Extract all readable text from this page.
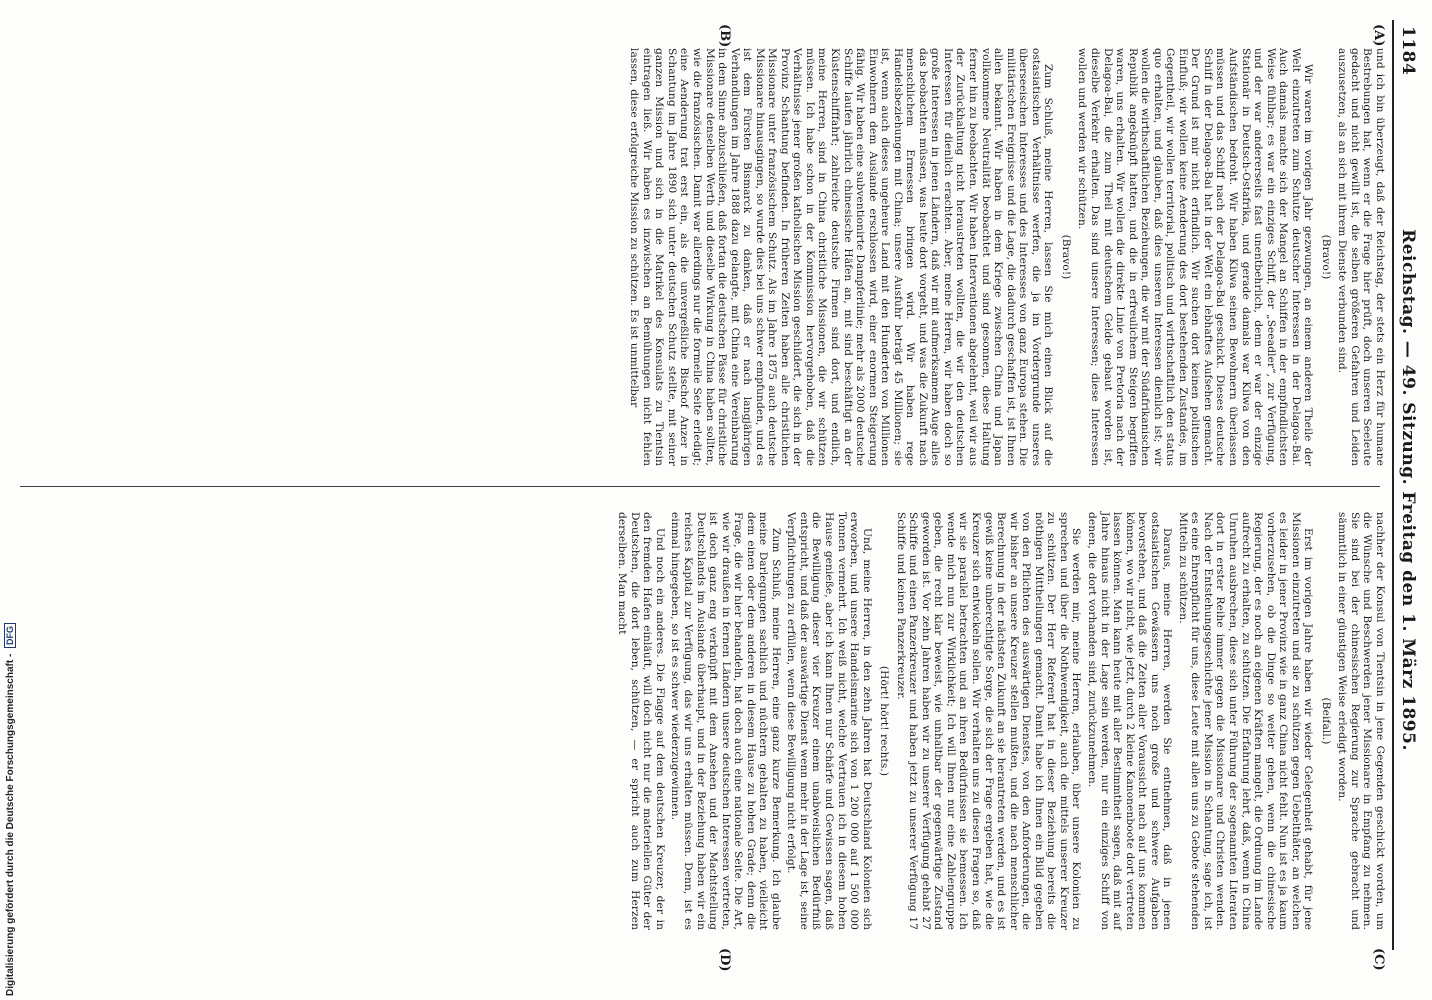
1184
Reichstag. — 49. Sitzung. Freitag den 1. März 1895.
(A)
(B)
(C)
(D)

und ich bin überzeugt, daß der Reichstag, der stets ein Herz für humane Bestrebungen hat, wenn er die Frage hier prüft, doch unseren Seeleute gedacht und nicht gewillt ist, die selben größeren Gefahren und Leiden auszusetzen, als an sich mit ihrem Dienste verbunden sind.

(Bravo!)

Wir waren im vorigen Jahr gezwungen, an einem anderen Theile der Welt einzutreten zum Schutze deutscher Interessen in der Delagoa-Bai. Auch damals machte sich der Mangel an Schiffen in der empfindlichsten Weise fühlbar; es war ein einziges Schiff, der „Seeadler“, zur Verfügung, und der war andererseits fast unentbehrlich, denn er war der einzige Stationär in Deutsch-Ostafrika, und gerade damals war Kilwa von den Aufständischen bedroht. Wir haben Kilwa seinen Bewohnern überlassen müssen und das Schiff nach der Delagoa-Bai geschickt. Dieses deutsche Schiff in der Delagoa-Bai hat in der Welt ein lebhaftes Aufsehen gemacht. Der Grund ist mir nicht erfindlich. Wir suchen dort keinen politischen Einfluß; wir wollen keine Aenderung des dort bestehenden Zustandes, im Gegentheil, wir wollen territorial, politisch und wirthschaftlich den status quo erhalten, und glauben, daß dies unseren Interessen dienlich ist; wir wollen die wirthschaftlichen Beziehungen, die wir mit der Südafrikanischen Republik angeknüpft hatten, und die in erfreulichem Steigen begriffen waren, uns erhalten. Wir wollen die direkte Linie von Pretoria nach der Delagoa-Bai, die zum Theil mit deutschem Gelde gebaut worden ist, dieselbe Verkehr erhalten. Das sind unsere Interessen; diese Interessen wollen und werden wir schützen.

(Bravo!)

Zum Schluß, meine Herren, lassen Sie mich einen Blick auf die ostasiatischen Verhältnisse werfen, die ja im Vordergrunde unseres überseeischen Interesses und des Interesses von ganz Europa stehen. Die militärischen Ereignisse und die Lage, die dadurch geschaffen ist, ist Ihnen allen bekannt. Wir haben in dem Kriege zwischen China und Japan vollkommene Neutralität beobachtet und sind gesonnen, diese Haltung ferner hin zu beobachten. Wir haben Interventionen abgelehnt, weil wir aus der Zurückhaltung nicht heraustreten wollten, die wir den deutschen Interessen für dienlich erachten. Aber, meine Herren, wir haben doch so große Interessen in jenen Ländern, daß wir mit aufmerksamem Auge alles das beobachten müssen, was heute dort vorgeht, und was die Zukunft nach menschlichem Ermessen bringen wird. Wir haben rege Handelsbeziehungen mit China; unsere Ausfuhr beträgt 45 Millionen; sie ist, wenn auch dieses ungeheure Land mit den Hunderten von Millionen Einwohnern dem Auslande erschlossen wird, einer enormen Steigerung fähig. Wir haben eine subventionirte Dampferlinie; mehr als 2000 deutsche Schiffe laufen jährlich chinesische Häfen an, mit sind beschäftigt an der Küstenschifffahrt; zahlreiche deutsche Firmen sind dort, und endlich, meine Herren, sind in China christliche Missionen, die wir schützen müssen. Ich habe schon in der Kommission hervorgehoben, daß die Verhältnisse jener großen katholischen Mission geschildert, die sich in der Provinz Schantung befinden. In früheren Zeiten haben alle christlichen Missionare unter französischem Schutz. Als im Jahre 1875 auch deutsche Missionare hinausgingen, so wurde dies bei uns schwer empfunden, und es ist dem Fürsten Bismarck zu danken, daß er nach langjährigen Verhandlungen im Jahre 1888 dazu gelangte, mit China eine Vereinbarung in dem Sinne abzuschließen, daß fortan die deutschen Pässe für christliche Missionare denselben Werth und dieselbe Wirkung in China haben sollten, wie die französischen. Damit war allerdings nur die formelle Seite erledigt; eine Aenderung trat erst ein, als die unvergeßliche Bischof Anzer in Schantung im Jahre 1890 sich unter deutschen Schutz stellte, mit seiner ganzen Mission und sich in die Matrikel des Konsulats zu Tientsin eintragen ließ. Wir haben es inzwischen an Bemühungen nicht fehlen lassen, diese erfolgreiche Mission zu schützen. Es ist unmittelbar

nachher der Konsul von Tientsin in jene Gegenden geschickt worden, um die Wünsche und Beschwerden jener Missionare in Empfang zu nehmen. Sie sind bei der chinesischen Regierung zur Sprache gebracht und sämmtlich in einer günstigen Weise erledigt worden.

(Beifall.)

Erst im vorigen Jahre haben wir wieder Gelegenheit gehabt, für jene Missionen einzutreten und sie zu schützen gegen Uebelthäter, an welchen es leider in jener Provinz wie in ganz China nicht fehlt. Nun ist es ja kaum vorherzusehen, ob die Dinge so weiter gehen, wenn die chinesische Regierung, der es noch an eigenen Kräften mangelt, die Ordnung im Lande aufrecht zu erhalten, zu schützen. Die Erfahrung lehrt, daß, wenn in China Unruhen ausbrechen, diese sich unter Führung der sogenannten Literaten dort in erster Reihe immer gegen die Missionare und Christen wenden. Nach der Entstehungsgeschichte jener Mission in Schantung, sage ich, ist es eine Ehrenpflicht für uns, diese Leute mit allen uns zu Gebote stehenden Mitteln zu schützen.

Daraus, meine Herren, werden Sie entnehmen, daß in jenen ostasiatischen Gewässern uns noch große und schwere Aufgaben bevorstehen, und daß die Zeiten aller Voraussicht nach auf uns kommen können, wo wir nicht, wie jetzt, durch 2 kleine Kanonenboote dort vertreten lassen können. Man kann heute mit aller Bestimmtheit sagen, daß mit auf Jahre hinaus nicht in der Lage sein werden, nur ein einziges Schiff von denen, die dort vorhanden sind, zurückzunehmen.

Sie werden mir, meine Herren, erlauben, über unsere Kolonien zu sprechen und über die Nothwendigkeit, auch die mittels unserer Kreuzer zu schützen. Der Herr Referent hat in dieser Beziehung bereits die nöthigen Mittheilungen gemacht. Damit habe ich Ihnen ein Bild gegeben von den Pflichten des auswärtigen Dienstes, von den Anforderungen, die wir bisher an unsere Kreuzer stellen mußten, und die nach menschlicher Berechnung in der nächsten Zukunft an sie herantreten werden, und es ist gewiß keine unberechtigte Sorge, die sich der Frage ergeben hat, wie die Kreuzer sich entwickeln sollen. Wir verhalten uns zu diesen Fragen so, daß wir sie parallel betrachten und an ihren Bedürfnissen sie bemessen. Ich wende mich nun zur Wirklichkeit; Ich will Ihnen nur eine Zahlengruppe geben, die recht klar beweist, wie unhaltbar der gegenwärtige Zustand geworden ist. Vor zehn Jahren haben wir zu unserer Verfügung gehabt 27 Schiffe und einen Panzerkreuzer und haben jetzt zu unserer Verfügung 17 Schiffe und keinen Panzerkreuzer.

(Hört! hört! rechts.)

Und, meine Herren, in den zehn Jahren hat Deutschland Kolonien sich erworben, und unsere Handelsmarine sich von 1 200 000 auf 1 500 000 Tonnen vermehrt. Ich weiß nicht, welche Vertrauen ich in diesem hohen Hause genieße, aber ich kann Ihnen nur Schärfe und Gewissen sagen, daß die Bewilligung dieser vier Kreuzer einem unabweislichen Bedürfniß entspricht, und daß der auswärtige Dienst wenn mehr in der Lage ist, seine Verpflichtungen zu erfüllen, wenn diese Bewilligung nicht erfolgt.

Zum Schluß, meine Herren, eine ganz kurze Bemerkung. Ich glaube meine Darlegungen sachlich und nüchtern gehalten zu haben, vielleicht dem einen oder dem anderen in diesem Hause zu hohen Grade; denn die Frage, die wir hier behandeln, hat doch auch eine nationale Seite. Die Art, wie wir draußen in fernen Ländern unsere deutschen Interessen vertreten, ist doch ganz eng verknüpft mit dem Ansehen und der Machtstellung Deutschlands im Auslande überhaupt, und in der Beziehung haben wir ein reiches Kapital zur Verfügung, das wir uns erhalten müssen. Denn, ist es einmal hingegeben, so ist es schwer wiederzugewinnen.

Und noch ein anderes. Die Flagge auf dem deutschen Kreuzer, der in den fremden Hafen einläuft, will doch nicht nur die materiellen Güter der Deutschen, die dort leben, schützen, — er spricht auch zum Herzen derselben. Man macht

Digitalisierung gefördert durch die Deutsche Forschungsgemeinschaft - DFG
